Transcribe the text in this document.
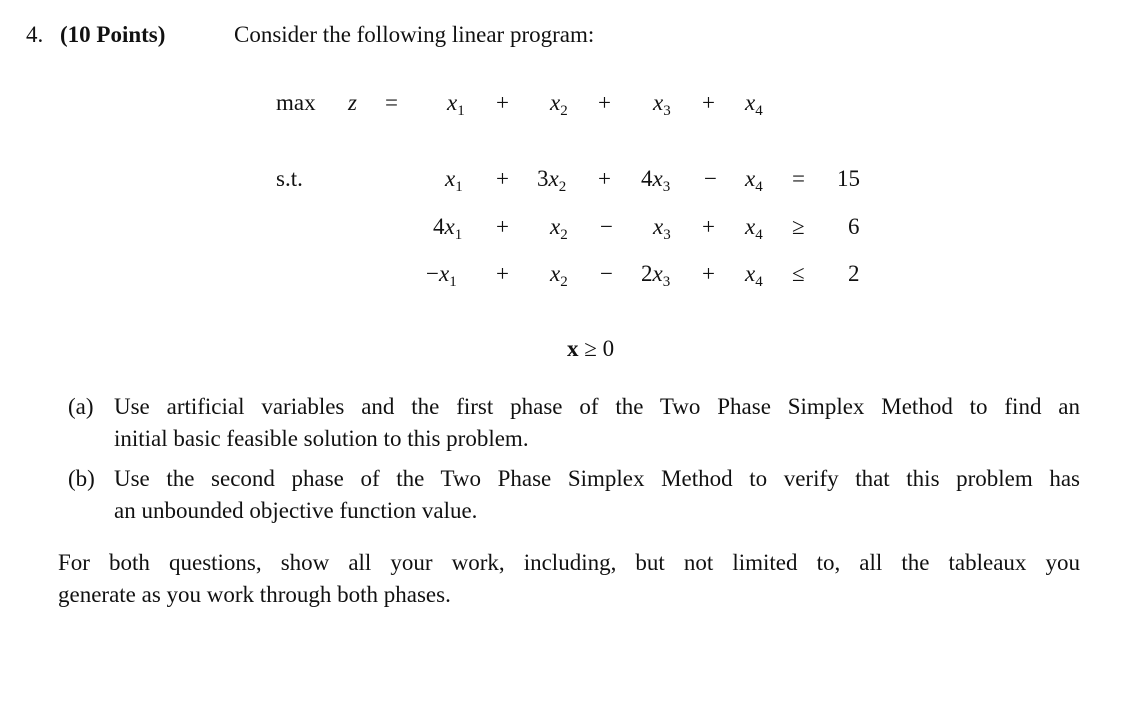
4. (10 Points)	Consider the following linear program:
$\max z = x_1 + x_2 + x_3 + x_4$
s.t.	$x_1 + 3x_2 + 4x_3 - x_4 = 15$
$4x_1 + x_2 - x_3 + x_4 \ge 6$
$-x_1 + x_2 - 2x_3 + x_4 \le 2$
x ≥ 0
(a) Use artificial variables and the first phase of the Two Phase Simplex Method to find an
initial basic feasible solution to this problem.
(b) Use the second phase of the Two Phase Simplex Method to verify that this problem has
an unbounded objective function value.
For both questions, show all your work, including, but not limited to, all the tableaux you
generate as you work through both phases.
